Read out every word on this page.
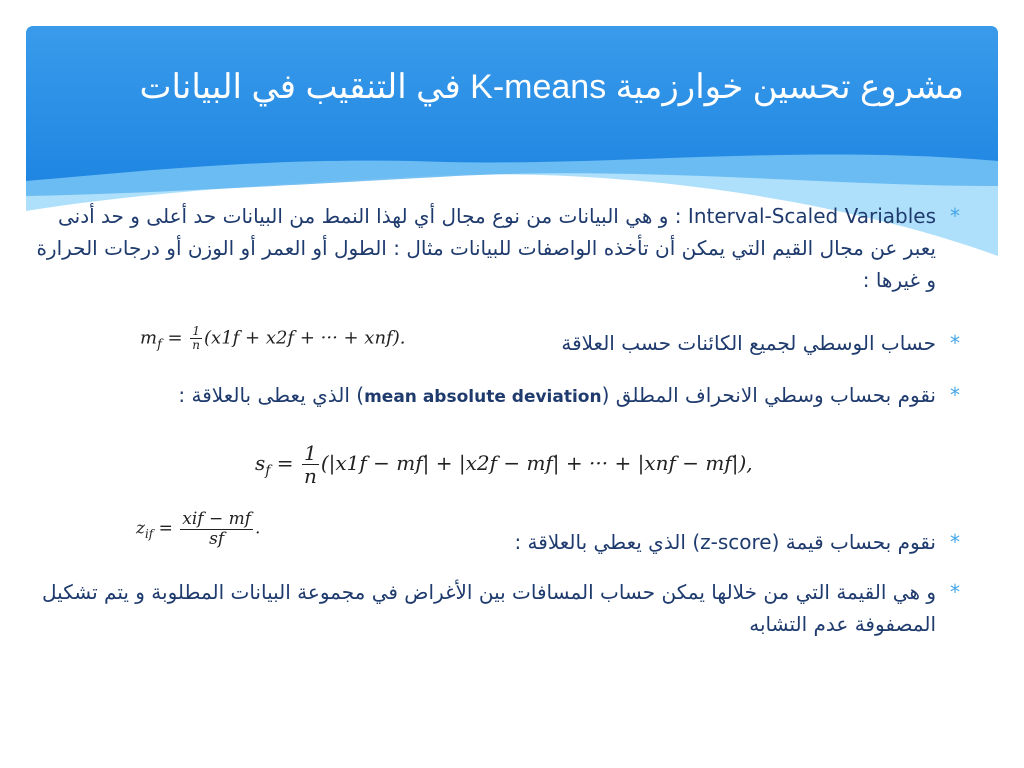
مشروع تحسين خوارزمية K-means في التنقيب في البيانات

*
Interval-Scaled Variables : و هي البيانات من نوع مجال أي لهذا النمط من البيانات حد أعلى و حد أدنى يعبر عن مجال القيم التي يمكن أن تأخذه الواصفات للبيانات مثال : الطول أو العمر أو الوزن أو درجات الحرارة و غيرها :

*
حساب الوسطي لجميع الكائنات حسب العلاقة

*
نقوم بحساب وسطي الانحراف المطلق (mean absolute deviation) الذي يعطى بالعلاقة :

*
نقوم بحساب قيمة (z-score) الذي يعطي بالعلاقة :

*
و هي القيمة التي من خلالها يمكن حساب المسافات بين الأغراض في مجموعة البيانات المطلوبة و يتم تشكيل المصفوفة عدم التشابه

$m_f = \frac{1}{n} (x1f + x2f$ + ··· + xnf).
$s_f = \frac{1}{n} (|x1f - mf| + |x2f - mf|$ + ··· + |xnf − mf|),
$z_{if} = \frac{\text{xif − mf}}{sf}$ .
